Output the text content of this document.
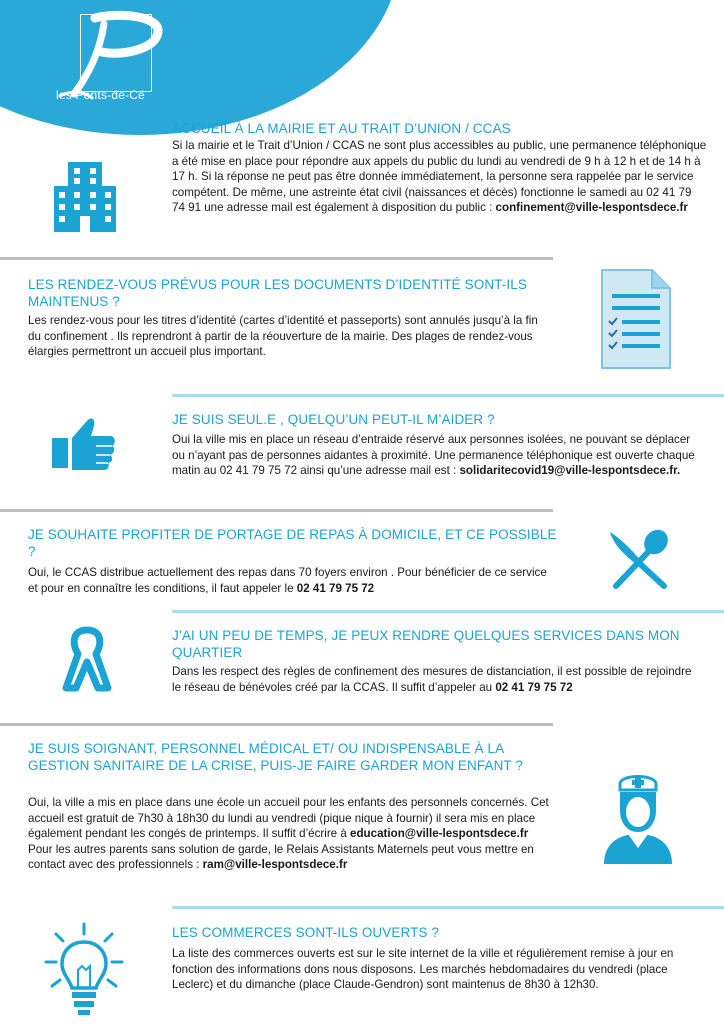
les Ponts-de-Cé
ACCUEIL À LA MAIRIE ET AU TRAIT D’UNION / CCAS

Si la mairie et le Trait d’Union / CCAS ne sont plus accessibles au public, une permanence téléphonique a été mise en place pour répondre aux appels du public du lundi au vendredi de 9 h à 12 h et de 14 h à 17 h. Si la réponse ne peut pas être donnée immédiatement, la personne sera rappelée par le service compétent. De même, une astreinte état civil (naissances et décès) fonctionne le samedi au 02 41 79 74 91 une adresse mail est également à disposition du public : confinement@ville-lespontsdece.fr

LES RENDEZ-VOUS PRÉVUS POUR LES DOCUMENTS D’IDENTITÉ SONT-ILS MAINTENUS ?

Les rendez-vous pour les titres d’identité (cartes d’identité et passeports) sont annulés jusqu’à la fin du confinement . Ils reprendront à partir de la réouverture de la mairie. Des plages de rendez-vous élargies permettront un accueil plus important.

JE SUIS SEUL.E , QUELQU’UN PEUT-IL M’AIDER ?

Oui la ville mis en place un réseau d’entraide réservé aux personnes isolées, ne pouvant se déplacer ou n’ayant pas de personnes aidantes à proximité. Une permanence téléphonique est ouverte chaque matin au 02 41 79 75 72 ainsi qu’une adresse mail est : solidaritecovid19@ville-lespontsdece.fr.

JE SOUHAITE PROFITER DE PORTAGE DE REPAS À DOMICILE, ET CE POSSIBLE ?

Oui, le CCAS distribue actuellement des repas dans 70 foyers environ . Pour bénéficier de ce service et pour en connaître les conditions, il faut appeler le 02 41 79 75 72

J’AI UN PEU DE TEMPS, JE PEUX RENDRE QUELQUES SERVICES DANS MON QUARTIER

Dans les respect des règles de confinement des mesures de distanciation, il est possible de rejoindre le réseau de bénévoles créé par la CCAS. Il suffit d’appeler au 02 41 79 75 72

JE SUIS SOIGNANT, PERSONNEL MÉDICAL ET/ OU INDISPENSABLE À LA GESTION SANITAIRE DE LA CRISE, PUIS-JE FAIRE GARDER MON ENFANT ?

Oui, la ville a mis en place dans une école un accueil pour les enfants des personnels concernés. Cet accueil est gratuit de 7h30 à 18h30 du lundi au vendredi (pique nique à fournir) il sera mis en place également pendant les congés de printemps. Il suffit d’écrire à education@ville-lespontsdece.fr
Pour les autres parents sans solution de garde, le Relais Assistants Maternels peut vous mettre en contact avec des professionnels : ram@ville-lespontsdece.fr

LES COMMERCES SONT-ILS OUVERTS ?

La liste des commerces ouverts est sur le site internet de la ville et régulièrement remise à jour en fonction des informations dons nous disposons. Les marchés hebdomadaires du vendredi (place Leclerc) et du dimanche (place Claude-Gendron) sont maintenus de 8h30 à 12h30.
